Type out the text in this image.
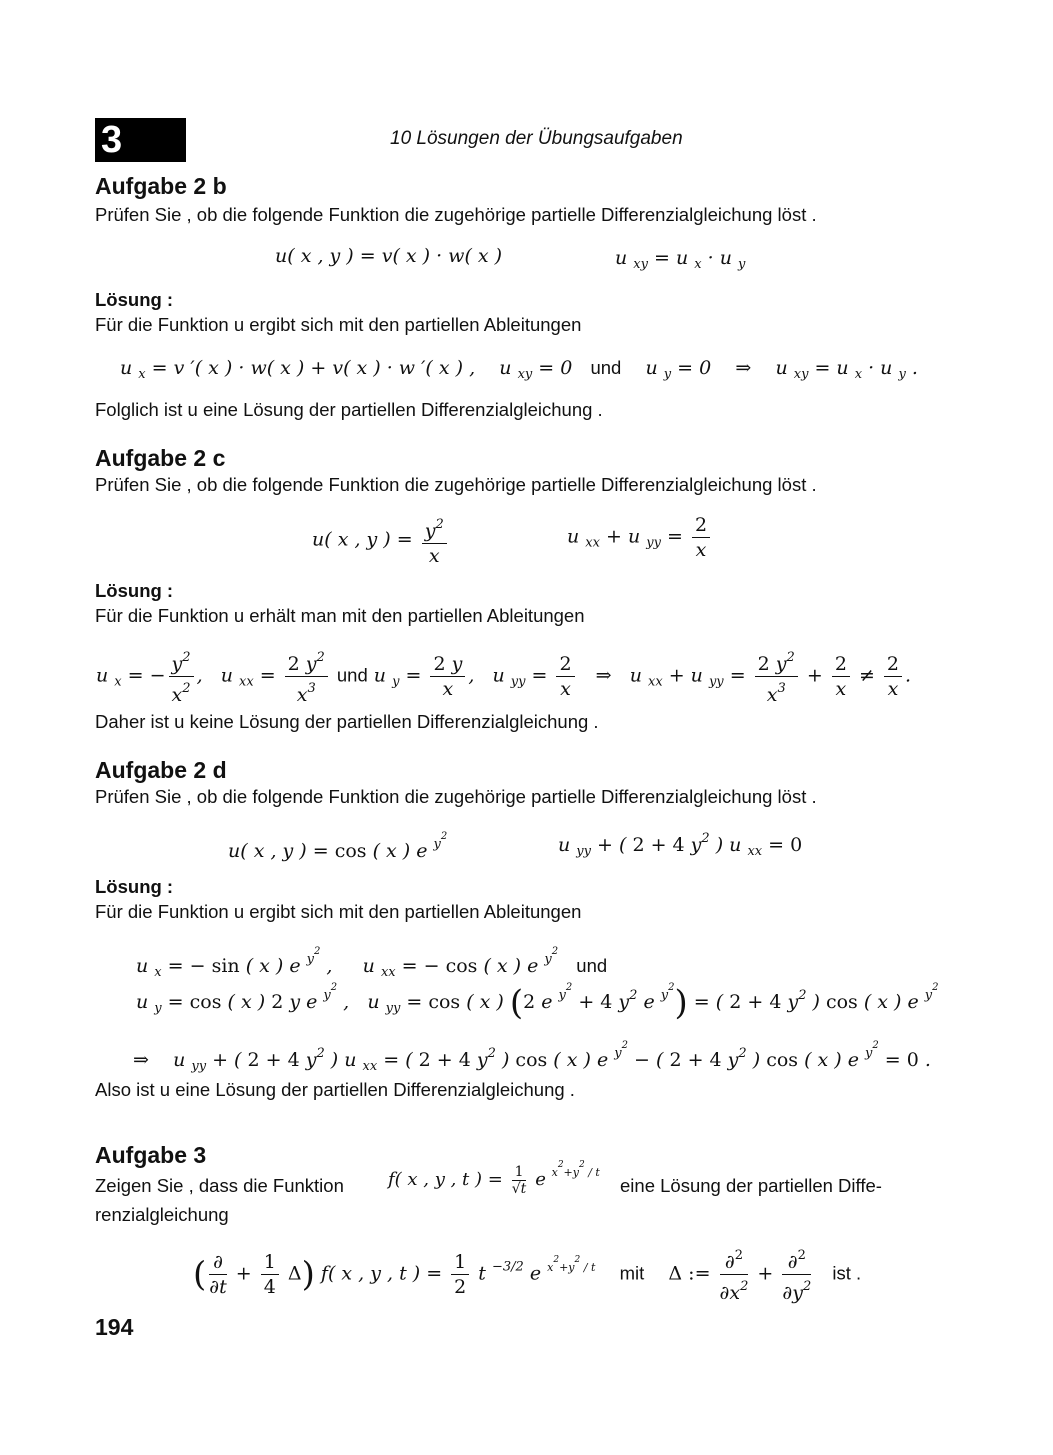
3	10 Lösungen der Übungsaufgaben
Aufgabe 2 b
Prüfen Sie , ob die folgende Funktion die zugehörige partielle Differenzialgleichung löst .
u( x , y ) = v( x ) · w( x )	u $_{xy}$ = u $_x$ · u $_y$
Lösung :
Für die Funktion u ergibt sich mit den partiellen Ableitungen
u $_x$ = v ′( x ) · w( x ) + v( x ) · w ′( x ) ,    u $_{xy}$ = 0   und    u $_y$ = 0    ⇒    u $_{xy}$ = u $_x$ · u $_y$ .
Folglich ist u eine Lösung der partiellen Differenzialgleichung .
Aufgabe 2 c
Prüfen Sie , ob die folgende Funktion die zugehörige partielle Differenzialgleichung löst .
u( x , y ) = $\frac{y^2}{x}$	u $_{xx}$ + u $_{yy} = \frac{2}{x}$
Lösung :
Für die Funktion u erhält man mit den partiellen Ableitungen
u $_x$ = − $\frac{y^2}{x^2}$ ,   u $_{xx} = \frac{2 y^2}{x^3}$ und u $_y = \frac{2 y}{x}$ ,   u $_{yy} = \frac{2}{x}$ ⇒   u $_{xx}$ + u $_{yy} = \frac{2 y^2}{x^3} + \frac{2}{x} \ne \frac{2}{x}$ .
Daher ist u keine Lösung der partiellen Differenzialgleichung .
Aufgabe 2 d
Prüfen Sie , ob die folgende Funktion die zugehörige partielle Differenzialgleichung löst .
u( x , y ) = cos ( x ) e $^{y^2}$	u $_{yy}$ + ( 2 + 4 $y^2$ ) u $_{xx}$ = 0
Lösung :
Für die Funktion u ergibt sich mit den partiellen Ableitungen
u $_x$ = − sin ( x ) e $^{y^2}$ ,     u $_{xx}$ = − cos ( x ) e $^{y^2}$   und
u $_y$ = cos ( x ) 2 y e $^{y^2}$ ,   u $_{yy}$ = cos ( x ) (2 e $^{y^2}$ + 4 $y^2$ e $^{y^2}$) = ( 2 + 4 $y^2$ ) cos ( x ) e $^{y^2}$
⇒    u $_{yy}$ + ( 2 + 4 $y^2$ ) u $_{xx}$ = ( 2 + 4 $y^2$ ) cos ( x ) e $^{y^2}$ − ( 2 + 4 $y^2$ ) cos ( x ) e $^{y^2}$ = 0 .
Also ist u eine Lösung der partiellen Differenzialgleichung .
Aufgabe 3
Zeigen Sie , dass die Funktion f( x , y , t ) = $\frac{1}{√t}$ e $^{x^2+y^2 / t}$
eine Lösung der partiellen Diffe-
renzialgleichung
( $\frac{\partial}{\partial t} + \frac{1}{4} \Delta$) f( x , y , t ) = $\frac{1}{2}$ t $^{-3/2}$ e $^{x^2+y^2 / t}$ mit Δ := $\frac{\partial^2}{\partial x^2} + \frac{\partial^2}{\partial y^2}$ ist .
194
